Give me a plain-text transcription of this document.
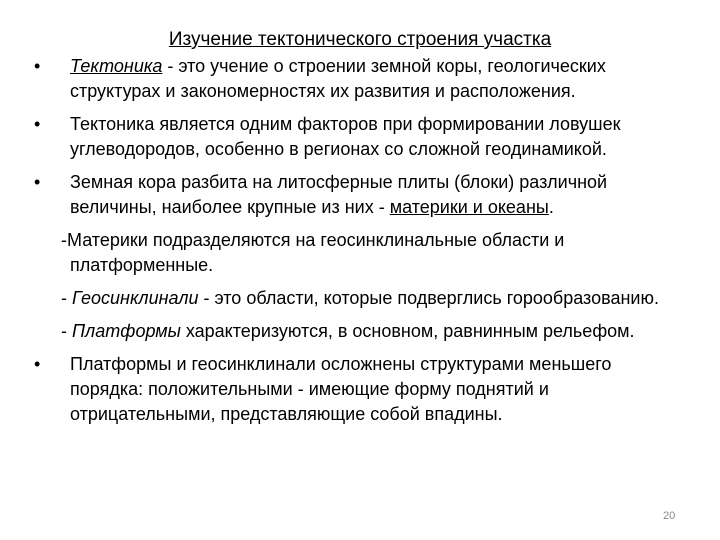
Изучение тектонического строения участка
• Тектоника - это учение о строении земной коры, геологических структурах и закономерностях их развития и расположения.
• Тектоника является одним факторов при формировании ловушек углеводородов, особенно в регионах со сложной геодинамикой.
• Земная кора разбита на литосферные плиты (блоки) различной величины, наиболее крупные из них - материки и океаны.
-Материки подразделяются на геосинклинальные области и платформенные.
- Геосинклинали - это области, которые подверглись горообразованию.
- Платформы характеризуются, в основном, равнинным рельефом.
• Платформы и геосинклинали осложнены структурами меньшего порядка: положительными - имеющие форму поднятий и отрицательными, представляющие собой впадины.
20
